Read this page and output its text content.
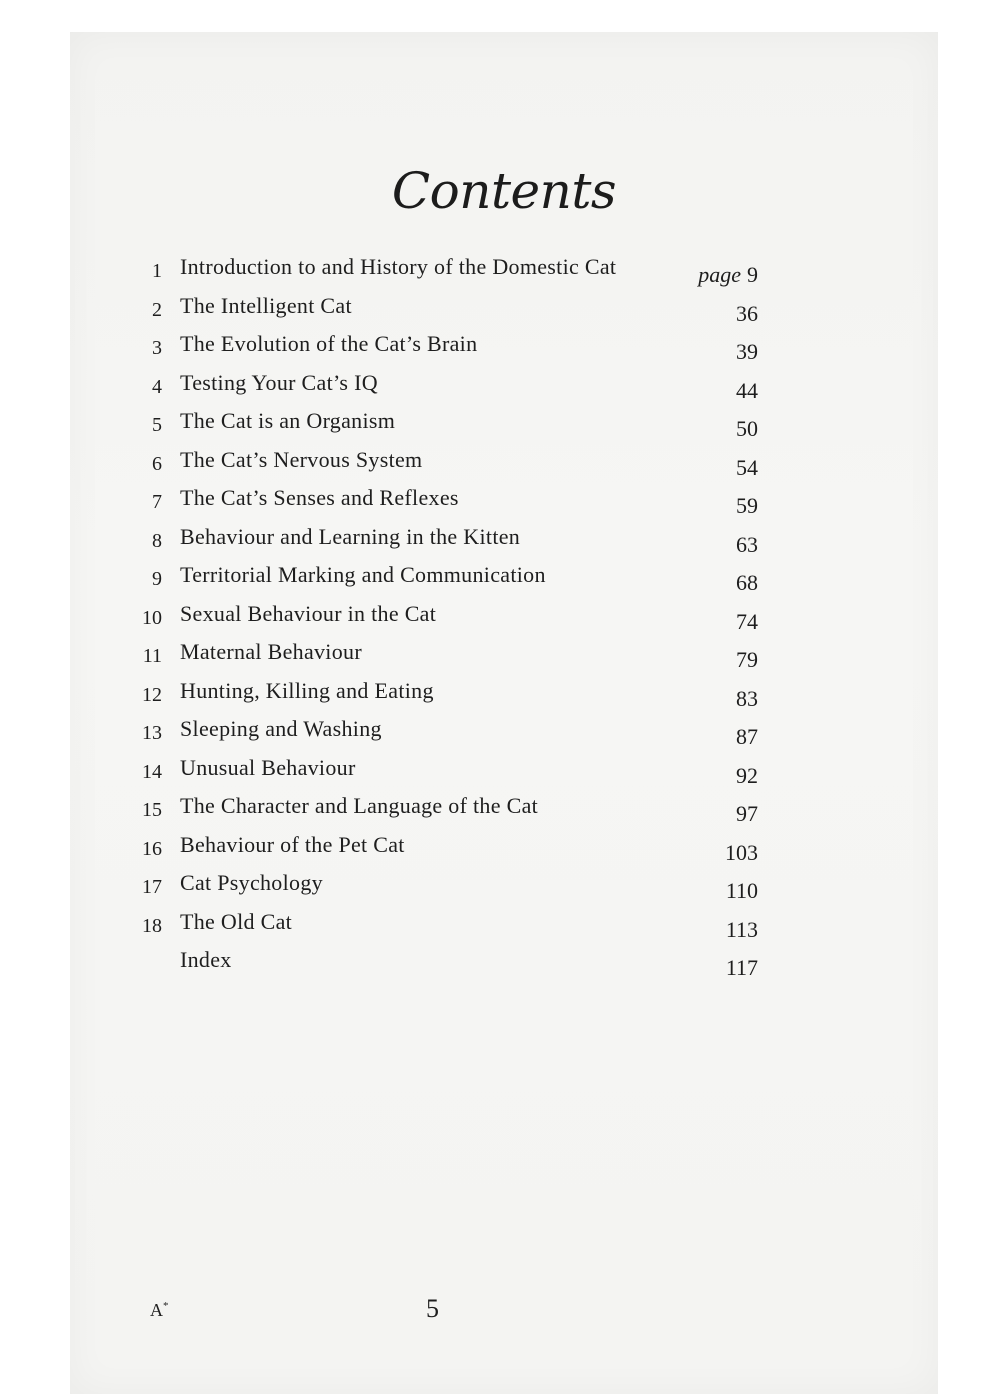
Contents
1 Introduction to and History of the Domestic Cat	page 9
2 The Intelligent Cat	36
3 The Evolution of the Cat’s Brain	39
4 Testing Your Cat’s IQ	44
5 The Cat is an Organism	50
6 The Cat’s Nervous System	54
7 The Cat’s Senses and Reflexes	59
8 Behaviour and Learning in the Kitten	63
9 Territorial Marking and Communication	68
10 Sexual Behaviour in the Cat	74
11 Maternal Behaviour	79
12 Hunting, Killing and Eating	83
13 Sleeping and Washing	87
14 Unusual Behaviour	92
15 The Character and Language of the Cat	97
16 Behaviour of the Pet Cat	103
17 Cat Psychology	110
18 The Old Cat	113
Index	117
A*	5
